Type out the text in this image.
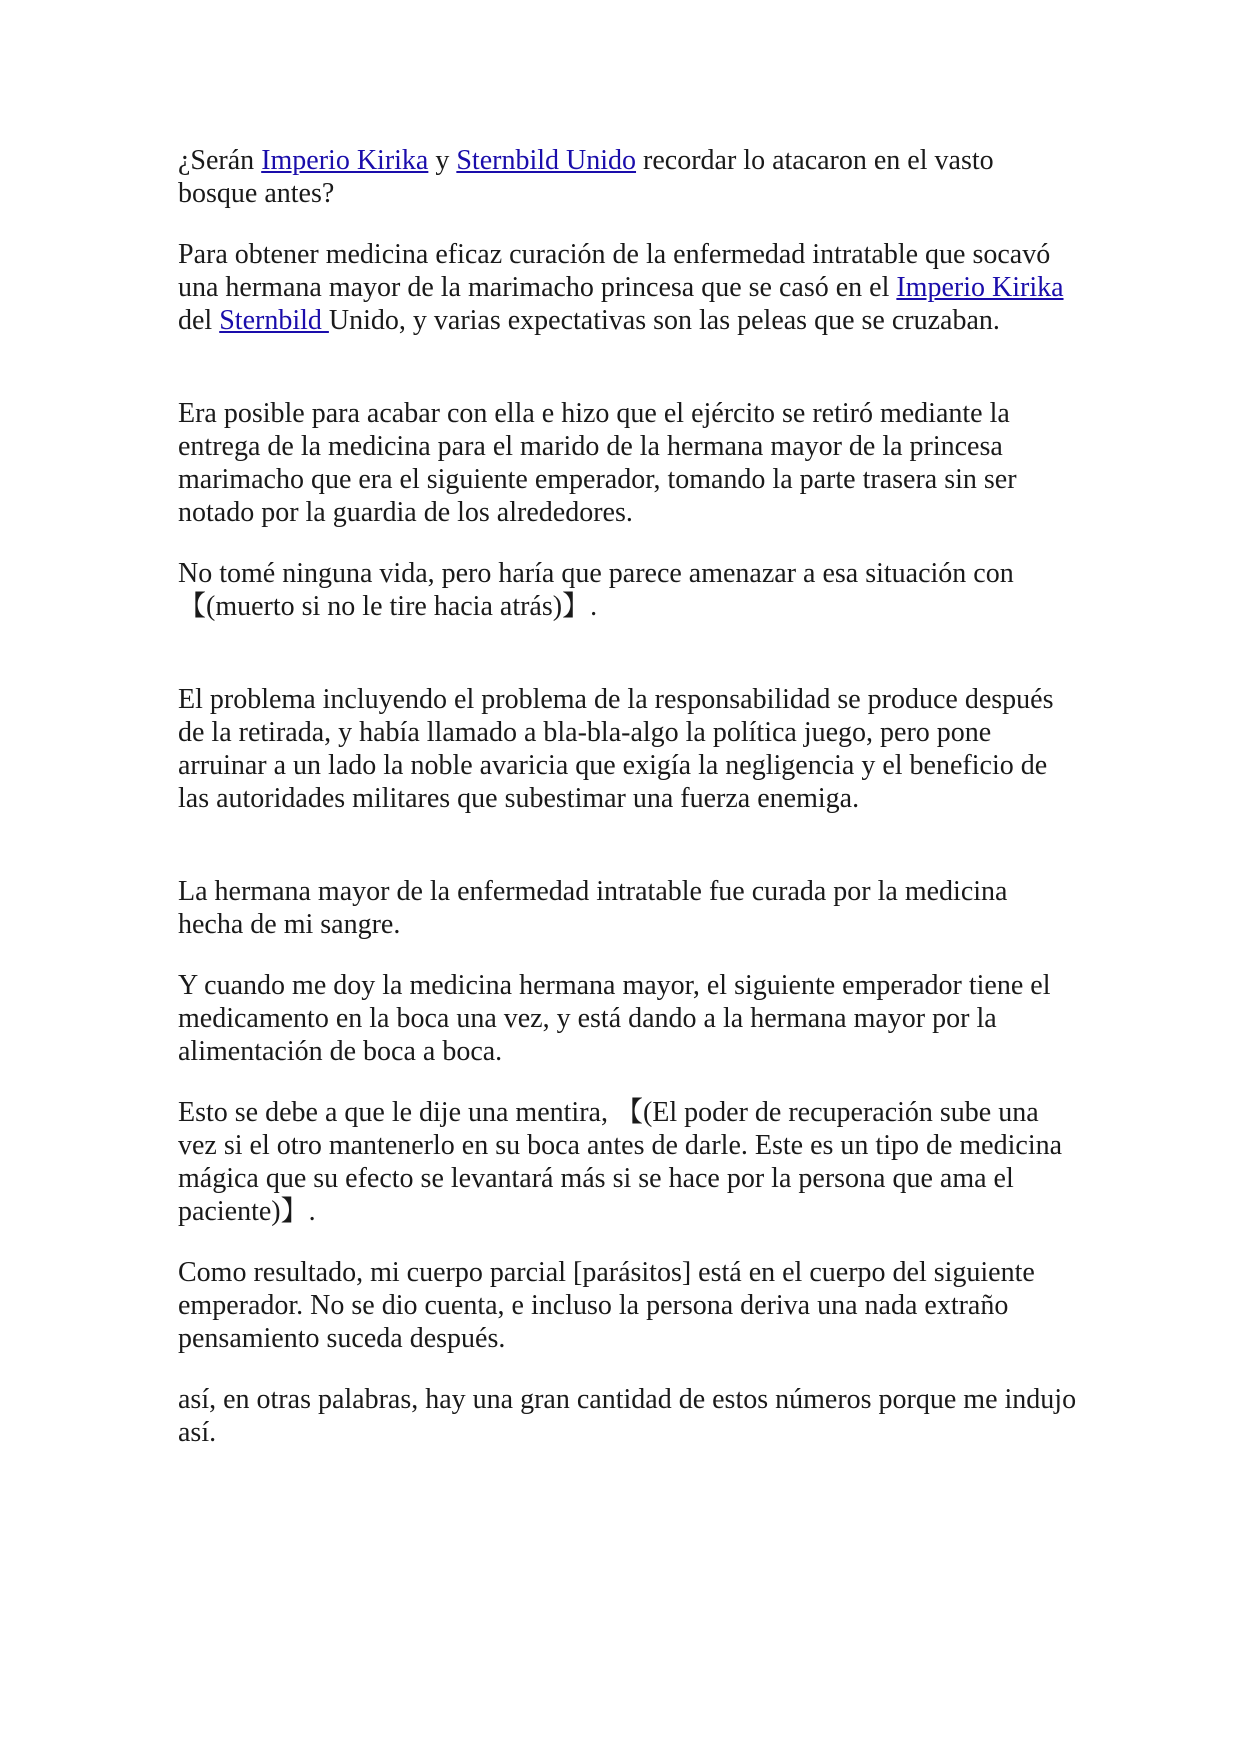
¿Serán Imperio Kirika y Sternbild Unido recordar lo atacaron en el vasto bosque antes?

Para obtener medicina eficaz curación de la enfermedad intratable que socavó una hermana mayor de la marimacho princesa que se casó en el Imperio Kirika del Sternbild Unido, y varias expectativas son las peleas que se cruzaban.

Era posible para acabar con ella e hizo que el ejército se retiró mediante la entrega de la medicina para el marido de la hermana mayor de la princesa marimacho que era el siguiente emperador, tomando la parte trasera sin ser notado por la guardia de los alrededores.

No tomé ninguna vida, pero haría que parece amenazar a esa situación con 【(muerto si no le tire hacia atrás)】.

El problema incluyendo el problema de la responsabilidad se produce después de la retirada, y había llamado a bla-bla-algo la política juego, pero pone arruinar a un lado la noble avaricia que exigía la negligencia y el beneficio de las autoridades militares que subestimar una fuerza enemiga.

La hermana mayor de la enfermedad intratable fue curada por la medicina hecha de mi sangre.

Y cuando me doy la medicina hermana mayor, el siguiente emperador tiene el medicamento en la boca una vez, y está dando a la hermana mayor por la alimentación de boca a boca.

Esto se debe a que le dije una mentira, 【(El poder de recuperación sube una vez si el otro mantenerlo en su boca antes de darle. Este es un tipo de medicina mágica que su efecto se levantará más si se hace por la persona que ama el paciente)】.

Como resultado, mi cuerpo parcial [parásitos] está en el cuerpo del siguiente emperador. No se dio cuenta, e incluso la persona deriva una nada extraño pensamiento suceda después.

así, en otras palabras, hay una gran cantidad de estos números porque me indujo así.
